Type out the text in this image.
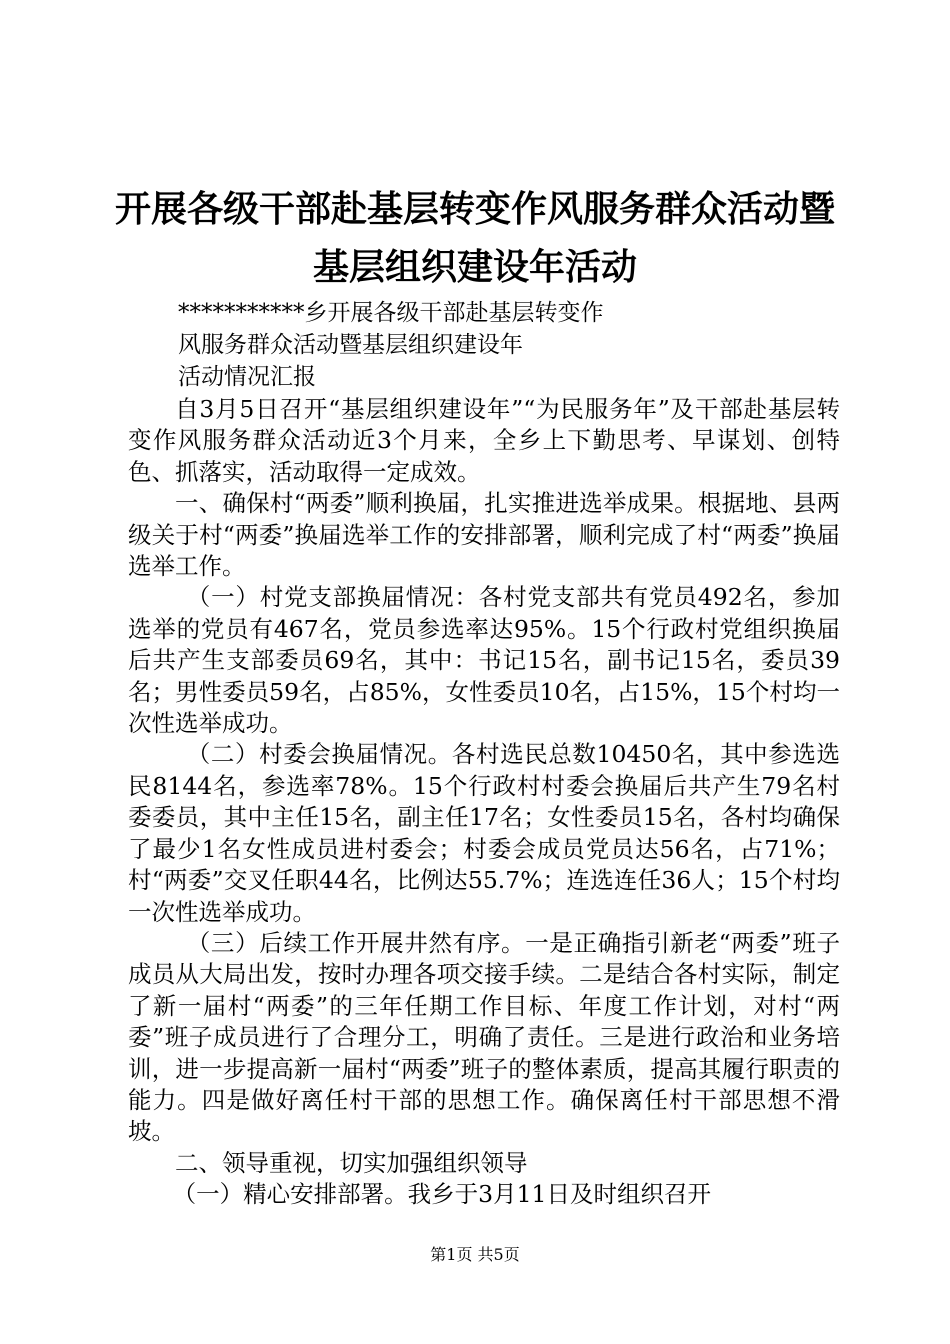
开展各级干部赴基层转变作风服务群众活动暨
基层组织建设年活动
***********乡开展各级干部赴基层转变作
风服务群众活动暨基层组织建设年
活动情况汇报

自3月5日召开“基层组织建设年”“为民服务年”及干部赴基层转变作风服务群众活动近3个月来，全乡上下勤思考、早谋划、创特色、抓落实，活动取得一定成效。

一、确保村“两委”顺利换届，扎实推进选举成果。根据地、县两级关于村“两委”换届选举工作的安排部署，顺利完成了村“两委”换届选举工作。

（一）村党支部换届情况：各村党支部共有党员492名，参加选举的党员有467名，党员参选率达95%。15个行政村党组织换届后共产生支部委员69名，其中：书记15名，副书记15名，委员39名；男性委员59名，占85%，女性委员10名，占15%，15个村均一次性选举成功。

（二）村委会换届情况。各村选民总数10450名，其中参选选民8144名，参选率78%。15个行政村村委会换届后共产生79名村委委员，其中主任15名，副主任17名；女性委员15名，各村均确保了最少1名女性成员进村委会；村委会成员党员达56名，占71%；村“两委”交叉任职44名，比例达55.7%；连选连任36人；15个村均一次性选举成功。

（三）后续工作开展井然有序。一是正确指引新老“两委”班子成员从大局出发，按时办理各项交接手续。二是结合各村实际，制定了新一届村“两委”的三年任期工作目标、年度工作计划，对村“两委”班子成员进行了合理分工，明确了责任。三是进行政治和业务培训，进一步提高新一届村“两委”班子的整体素质，提高其履行职责的能力。四是做好离任村干部的思想工作。确保离任村干部思想不滑坡。

二、领导重视，切实加强组织领导

（一）精心安排部署。我乡于3月11日及时组织召开

第1页 共5页
